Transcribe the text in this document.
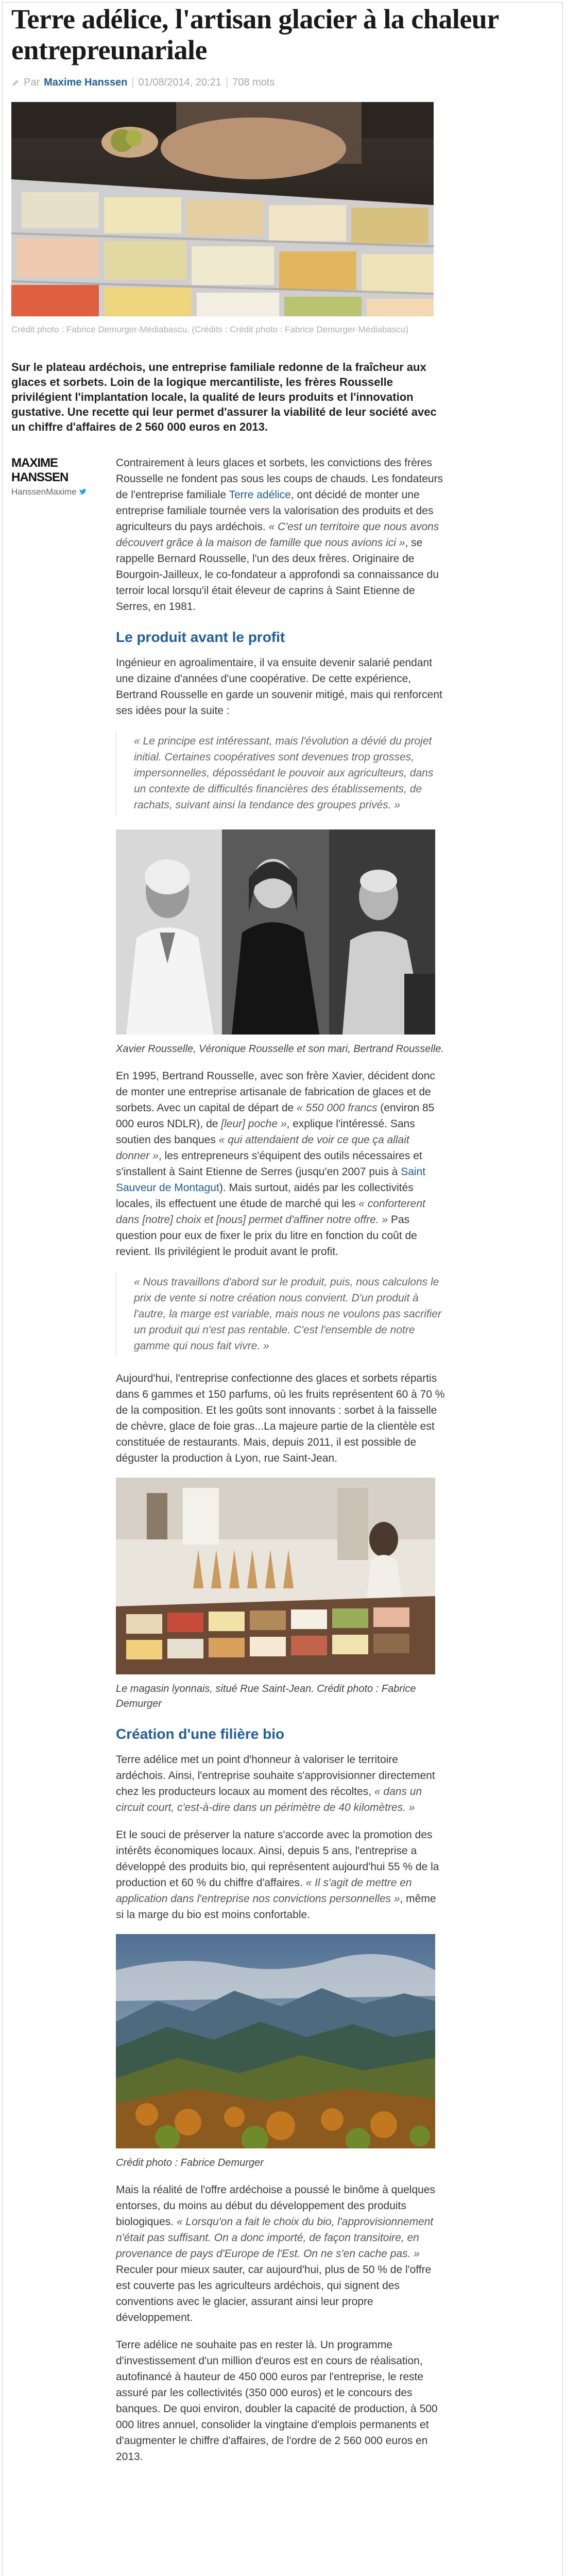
Terre adélice, l'artisan glacier à la chaleur entrepreunariale
Par Maxime Hanssen | 01/08/2014, 20:21 | 708 mots
Crédit photo : Fabrice Demurger-Médiabascu. (Crédits : Crédit photo : Fabrice Demurger-Médiabascu)
Sur le plateau ardéchois, une entreprise familiale redonne de la fraîcheur aux glaces et sorbets. Loin de la logique mercantiliste, les frères Rousselle privilégient l'implantation locale, la qualité de leurs produits et l'innovation gustative. Une recette qui leur permet d'assurer la viabilité de leur société avec un chiffre d'affaires de 2 560 000 euros en 2013.
MAXIME HANSSEN
HanssenMaxime

Contrairement à leurs glaces et sorbets, les convictions des frères Rousselle ne fondent pas sous les coups de chauds. Les fondateurs de l'entreprise familiale Terre adélice, ont décidé de monter une entreprise familiale tournée vers la valorisation des produits et des agriculteurs du pays ardéchois. « C'est un territoire que nous avons découvert grâce à la maison de famille que nous avions ici », se rappelle Bernard Rousselle, l'un des deux frères. Originaire de Bourgoin-Jailleux, le co-fondateur a approfondi sa connaissance du terroir local lorsqu'il était éleveur de caprins à Saint Etienne de Serres, en 1981.

Le produit avant le profit

Ingénieur en agroalimentaire, il va ensuite devenir salarié pendant une dizaine d'années d'une coopérative. De cette expérience, Bertrand Rousselle en garde un souvenir mitigé, mais qui renforcent ses idées pour la suite :

« Le principe est intéressant, mais l'évolution a dévié du projet initial. Certaines coopératives sont devenues trop grosses, impersonnelles, dépossédant le pouvoir aux agriculteurs, dans un contexte de difficultés financières des établissements, de rachats, suivant ainsi la tendance des groupes privés. »

Xavier Rousselle, Véronique Rousselle et son mari, Bertrand Rousselle.

En 1995, Bertrand Rousselle, avec son frère Xavier, décident donc de monter une entreprise artisanale de fabrication de glaces et de sorbets. Avec un capital de départ de « 550 000 francs (environ 85 000 euros NDLR), de [leur] poche », explique l'intéressé. Sans soutien des banques « qui attendaient de voir ce que ça allait donner », les entrepreneurs s'équipent des outils nécessaires et s'installent à Saint Etienne de Serres (jusqu'en 2007 puis à Saint Sauveur de Montagut). Mais surtout, aidés par les collectivités locales, ils effectuent une étude de marché qui les « conforterent dans [notre] choix et [nous] permet d'affiner notre offre. » Pas question pour eux de fixer le prix du litre en fonction du coût de revient. Ils privilégient le produit avant le profit.

« Nous travaillons d'abord sur le produit, puis, nous calculons le prix de vente si notre création nous convient. D'un produit à l'autre, la marge est variable, mais nous ne voulons pas sacrifier un produit qui n'est pas rentable. C'est l'ensemble de notre gamme qui nous fait vivre. »

Aujourd'hui, l'entreprise confectionne des glaces et sorbets répartis dans 6 gammes et 150 parfums, où les fruits représentent 60 à 70 % de la composition. Et les goûts sont innovants : sorbet à la faisselle de chèvre, glace de foie gras...La majeure partie de la clientèle est constituée de restaurants. Mais, depuis 2011, il est possible de déguster la production à Lyon, rue Saint-Jean.

Le magasin lyonnais, situé Rue Saint-Jean. Crédit photo : Fabrice Demurger
Création d'une filière bio

Terre adélice met un point d'honneur à valoriser le territoire ardéchois. Ainsi, l'entreprise souhaite s'approvisionner directement chez les producteurs locaux au moment des récoltes, « dans un circuit court, c'est-à-dire dans un périmètre de 40 kilomètres. »

Et le souci de préserver la nature s'accorde avec la promotion des intérêts économiques locaux. Ainsi, depuis 5 ans, l'entreprise a développé des produits bio, qui représentent aujourd'hui 55 % de la production et 60 % du chiffre d'affaires. « Il s'agit de mettre en application dans l'entreprise nos convictions personnelles », même si la marge du bio est moins confortable.

Crédit photo : Fabrice Demurger

Mais la réalité de l'offre ardéchoise a poussé le binôme à quelques entorses, du moins au début du développement des produits biologiques. « Lorsqu'on a fait le choix du bio, l'approvisionnement n'était pas suffisant. On a donc importé, de façon transitoire, en provenance de pays d'Europe de l'Est. On ne s'en cache pas. » Reculer pour mieux sauter, car aujourd'hui, plus de 50 % de l'offre est couverte pas les agriculteurs ardéchois, qui signent des conventions avec le glacier, assurant ainsi leur propre développement.

Terre adélice ne souhaite pas en rester là. Un programme d'investissement d'un million d'euros est en cours de réalisation, autofinancé à hauteur de 450 000 euros par l'entreprise, le reste assuré par les collectivités (350 000 euros) et le concours des banques. De quoi environ, doubler la capacité de production, à 500 000 litres annuel, consolider la vingtaine d'emplois permanents et d'augmenter le chiffre d'affaires, de l'ordre de 2 560 000 euros en 2013.
